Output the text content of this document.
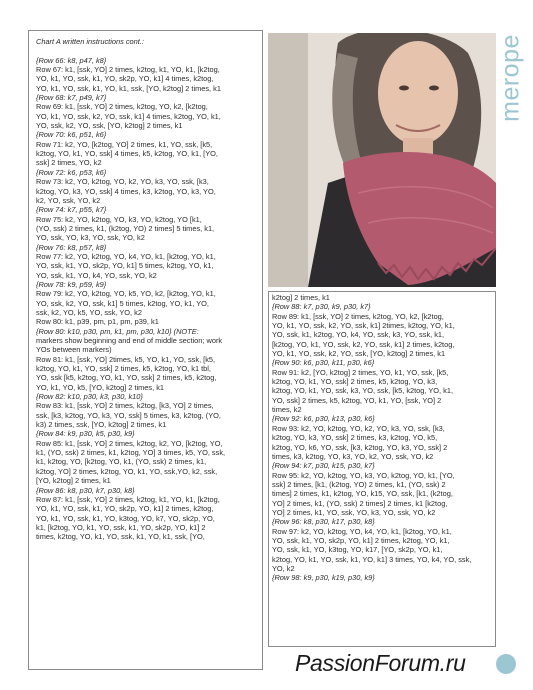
Chart A written instructions cont.:

{Row 66: k8, p47, k8}
Row 67: k1, [ssk, YO] 2 times, k2tog, k1, YO, k1, [k2tog,
YO, k1, YO, ssk, k1, YO, sk2p, YO, k1] 4 times, k2tog,
YO, k1, YO, ssk, k1, YO, k1, ssk, [YO, k2tog] 2 times, k1
{Row 68: k7, p49, k7}
Row 69: k1, [ssk, YO] 2 times, k2tog, YO, k2, [k2tog,
YO, k1, YO, ssk, k2, YO, ssk, k1] 4 times, k2tog, YO, k1,
YO, ssk, k2, YO, ssk, [YO, k2tog] 2 times, k1
{Row 70: k6, p51, k6}
Row 71: k2, YO, [k2tog, YO] 2 times, k1, YO, ssk, [k5,
k2tog, YO, k1, YO, ssk] 4 times, k5, k2tog, YO, k1, [YO,
ssk] 2 times, YO, k2
{Row 72: k6, p53, k6}
Row 73: k2, YO, k2tog, YO, k2, YO, k3, YO, ssk, [k3,
k2tog, YO, k3, YO, ssk] 4 times, k3, k2tog, YO, k3, YO,
k2, YO, ssk, YO, k2
{Row 74: k7, p55, k7}
Row 75: k2, YO, k2tog, YO, k3, YO, k2tog, YO [k1,
(YO, ssk) 2 times, k1, (k2tog, YO) 2 times] 5 times, k1,
YO, ssk, YO, k3, YO, ssk, YO, k2
{Row 76: k8, p57, k8}
Row 77: k2, YO, k2tog, YO, k4, YO, k1, [k2tog, YO, k1,
YO, ssk, k1, YO, sk2p, YO, k1] 5 times, k2tog, YO, k1,
YO, ssk, k1, YO, k4, YO, ssk, YO, k2
{Row 78: k9, p59, k9}
Row 79: k2, YO, k2tog, YO, k5, YO, k2, [k2tog, YO, k1,
YO, ssk, k2, YO, ssk, k1] 5 times, k2tog, YO, k1, YO,
ssk, k2, YO, k5, YO, ssk, YO, k2
Row 80: k1, p39, pm, p1, pm, p39, k1
{Row 80: k10, p30, pm, k1, pm, p30, k10} (NOTE:
markers show beginning and end of middle section; work
YOs between markers)
Row 81: k1, [ssk, YO] 2times, k5, YO, k1, YO, ssk, [k5,
k2tog, YO, k1, YO, ssk] 2 times, k5, k2tog, YO, k1 tbl,
YO, ssk [k5, k2tog, YO, k1, YO, ssk] 2 times, k5, k2tog,
YO, k1, YO, k5, [YO, k2tog] 2 times, k1
{Row 82: k10, p30, k3, p30, k10}
Row 83: k1, [ssk, YO] 2 times, k2tog, [k3, YO] 2 times,
ssk, [k3, k2tog, YO, k3, YO, ssk] 5 times, k3, k2tog, (YO,
k3) 2 times, ssk, [YO, k2tog] 2 times, k1
{Row 84: k9, p30, k5, p30, k9}
Row 85: k1, [ssk, YO] 2 times, k2tog, k2, YO, [k2tog, YO,
k1, (YO, ssk) 2 times, k1, k2tog, YO] 3 times, k5, YO, ssk,
k1, k2tog, YO, [k2tog, YO, k1, (YO, ssk) 2 times, k1,
k2tog, YO] 2 times, k2tog, YO, k1, YO, ssk,YO, k2, ssk,
[YO, k2tog] 2 times, k1
{Row 86: k8, p30, k7, p30, k8}
Row 87: k1, [ssk, YO] 2 times, k2tog, k1, YO, k1, [k2tog,
YO, k1, YO, ssk, k1, YO, sk2p, YO, k1] 2 times, k2tog,
YO, k1, YO, ssk, k1, YO, k3tog, YO, k7, YO, sk2p, YO,
k1, [k2tog, YO, k1, YO, ssk, k1, YO, sk2p, YO, k1] 2
times, k2tog, YO, k1, YO, ssk, k1, YO, k1, ssk, [YO,
k2tog] 2 times, k1
{Row 88: k7, p30, k9, p30, k7}
Row 89: k1, [ssk, YO] 2 times, k2tog, YO, k2, [k2tog,
YO, k1, YO, ssk, k2, YO, ssk, k1] 2times, k2tog, YO, k1,
YO, ssk, k1, k2tog, YO, k4, YO, ssk, k3, YO, ssk, k1,
[k2tog, YO, k1, YO, ssk, k2, YO, ssk, k1] 2 times, k2tog,
YO, k1, YO, ssk, k2, YO, ssk, [YO, k2tog] 2 times, k1
{Row 90: k6, p30, k11, p30, k6}
Row 91: k2, [YO, k2tog] 2 times, YO, k1, YO, ssk, [k5,
k2tog, YO, k1, YO, ssk] 2 times, k5, k2tog, YO, k3,
k2tog, YO, k1, YO, ssk, k3, YO, ssk, [k5, k2tog, YO, k1,
YO, ssk] 2 times, k5, k2tog, YO, k1, YO, [ssk, YO] 2
times, k2
{Row 92: k6, p30, k13, p30, k6}
Row 93: k2, YO, k2tog, YO, k2, YO, k3, YO, ssk, [k3,
k2tog, YO, k3, YO, ssk] 2 times, k3, k2tog, YO, k5,
k2tog, YO, k6, YO, ssk, [k3, k2tog, YO, k3, YO, ssk] 2
times, k3, k2tog, YO, k3, YO, k2, YO, ssk, YO, k2
{Row 94: k7, p30, k15, p30, k7}
Row 95: k2, YO, k2tog, YO, k3, YO, k2tog, YO, k1, [YO,
ssk] 2 times, [k1, (k2tog, YO) 2 times, k1, (YO, ssk) 2
times] 2 times, k1, k2tog, YO, k15, YO, ssk, [k1, (k2tog,
YO] 2 times, k1, (YO, ssk) 2 times] 2 times, k1 [k2tog,
YO] 2 times, k1, YO, ssk, YO, k3, YO, ssk, YO, k2
{Row 96: k8, p30, k17, p30, k8}
Row 97: k2, YO, k2tog, YO, k4, YO, k1, [k2tog, YO, k1,
YO, ssk, k1, YO, sk2p, YO, k1] 2 times, k2tog, YO, k1,
YO, ssk, k1, YO, k3tog, YO, k17, [YO, sk2p, YO, k1,
k2tog, YO, k1, YO, ssk, k1, YO, k1] 3 times, YO, k4, YO, ssk,
YO, k2
{Row 98: k9, p30, k19, p30, k9}
merope
PassionForum.ru
